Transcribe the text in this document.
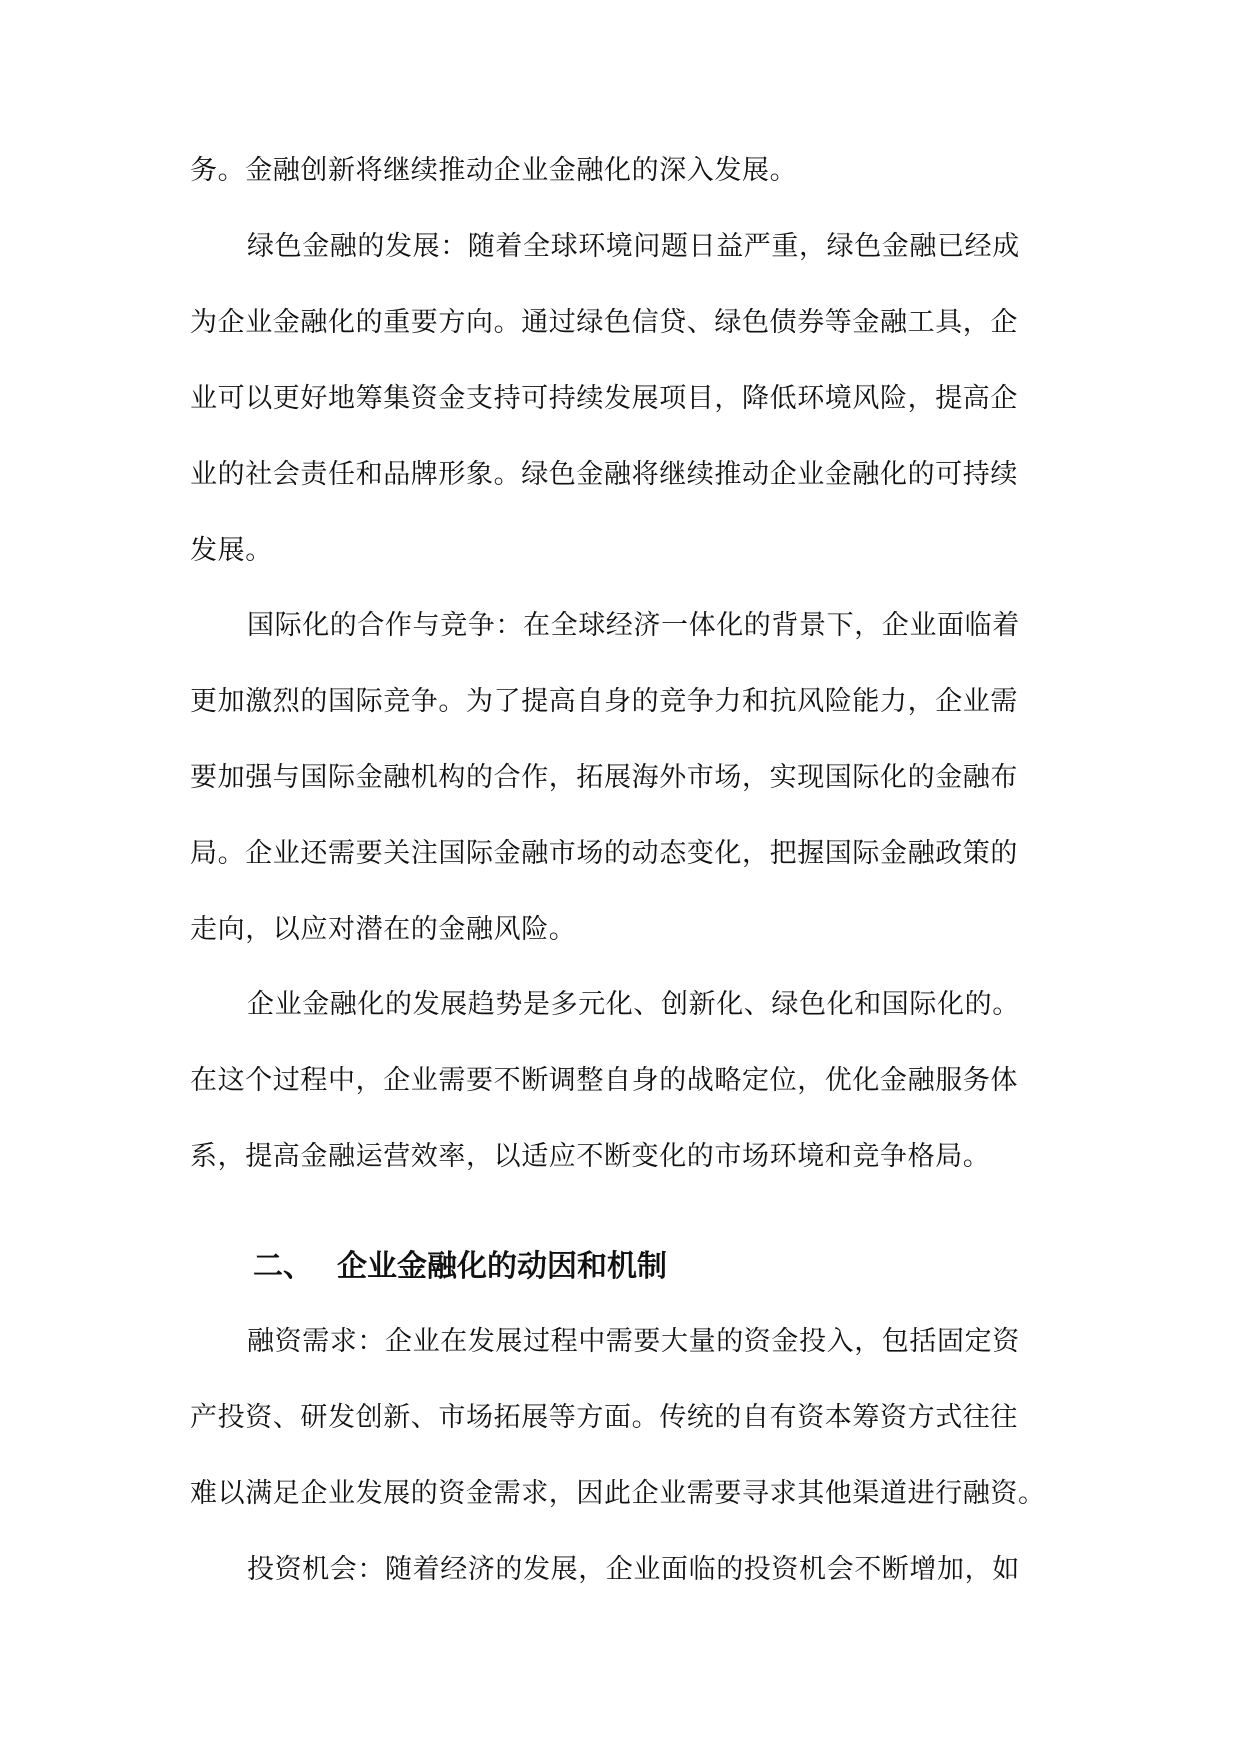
务。金融创新将继续推动企业金融化的深入发展。
绿色金融的发展：随着全球环境问题日益严重，绿色金融已经成
为企业金融化的重要方向。通过绿色信贷、绿色债券等金融工具，企
业可以更好地筹集资金支持可持续发展项目，降低环境风险，提高企
业的社会责任和品牌形象。绿色金融将继续推动企业金融化的可持续
发展。
国际化的合作与竞争：在全球经济一体化的背景下，企业面临着
更加激烈的国际竞争。为了提高自身的竞争力和抗风险能力，企业需
要加强与国际金融机构的合作，拓展海外市场，实现国际化的金融布
局。企业还需要关注国际金融市场的动态变化，把握国际金融政策的
走向，以应对潜在的金融风险。
企业金融化的发展趋势是多元化、创新化、绿色化和国际化的。
在这个过程中，企业需要不断调整自身的战略定位，优化金融服务体
系，提高金融运营效率，以适应不断变化的市场环境和竞争格局。
二、 企业金融化的动因和机制
融资需求：企业在发展过程中需要大量的资金投入，包括固定资
产投资、研发创新、市场拓展等方面。传统的自有资本筹资方式往往
难以满足企业发展的资金需求，因此企业需要寻求其他渠道进行融资。
投资机会：随着经济的发展，企业面临的投资机会不断增加，如
